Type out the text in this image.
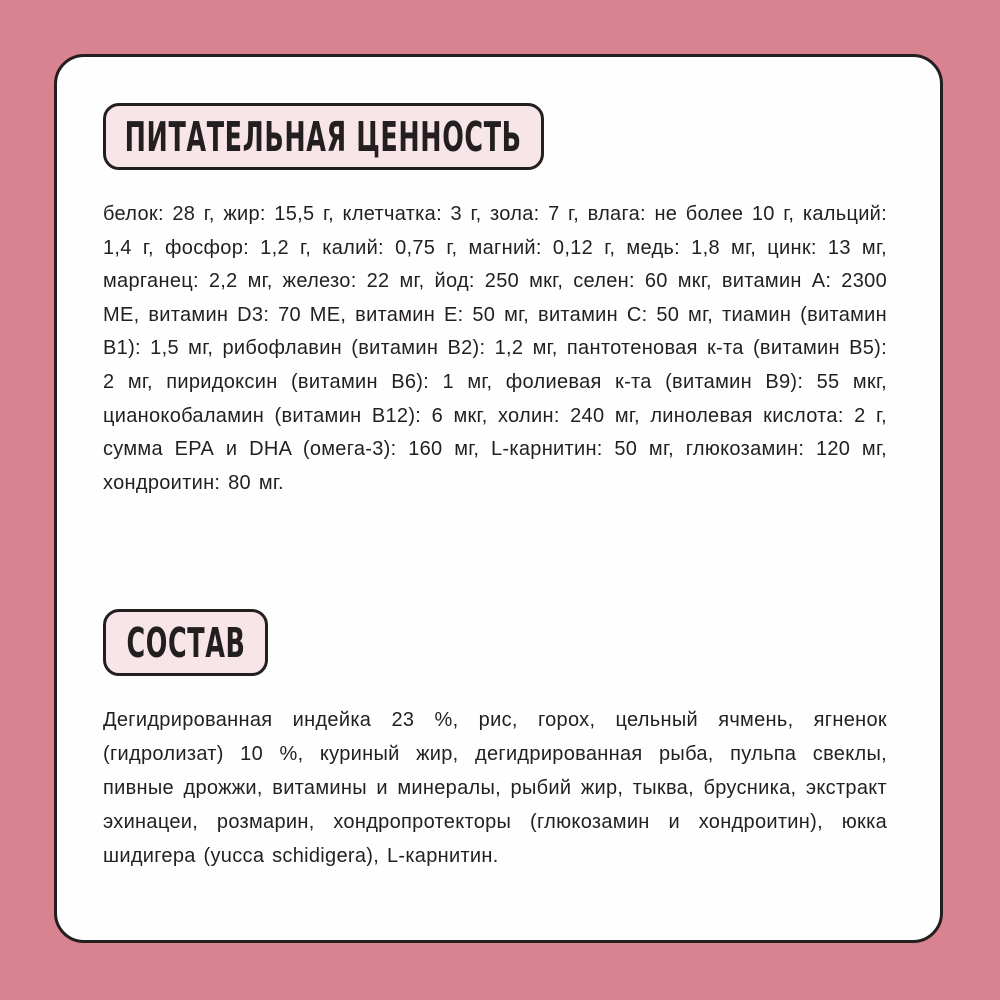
ПИТАТЕЛЬНАЯ ЦЕННОСТЬ
белок: 28 г, жир: 15,5 г, клетчатка: 3 г, зола: 7 г, влага: не более 10 г, кальций: 1,4 г, фосфор: 1,2 г, калий: 0,75 г, магний: 0,12 г, медь: 1,8 мг, цинк: 13 мг, марганец: 2,2 мг, железо: 22 мг, йод: 250 мкг, селен: 60 мкг, витамин А: 2300 МЕ, витамин D3: 70 МЕ, витамин Е: 50 мг, витамин С: 50 мг, тиамин (витамин В1): 1,5 мг, рибофлавин (витамин В2): 1,2 мг, пантотеновая к-та (витамин В5): 2 мг, пиридоксин (витамин В6): 1 мг, фолиевая к-та (витамин В9): 55 мкг, цианокобаламин (витамин В12): 6 мкг, холин: 240 мг, линолевая кислота: 2 г, сумма ЕРА и DHA (омега-3): 160 мг, L-карнитин: 50 мг, глюкозамин: 120 мг, хондроитин: 80 мг.
СОСТАВ
Дегидрированная индейка 23 %, рис, горох, цельный ячмень, ягненок (гидролизат) 10 %, куриный жир, дегидрированная рыба, пульпа свеклы, пивные дрожжи, витамины и минералы, рыбий жир, тыква, брусника, экстракт эхинацеи, розмарин, хондропротекторы (глюкозамин и хондроитин), юкка шидигера (yucca schidigera), L-карнитин.
